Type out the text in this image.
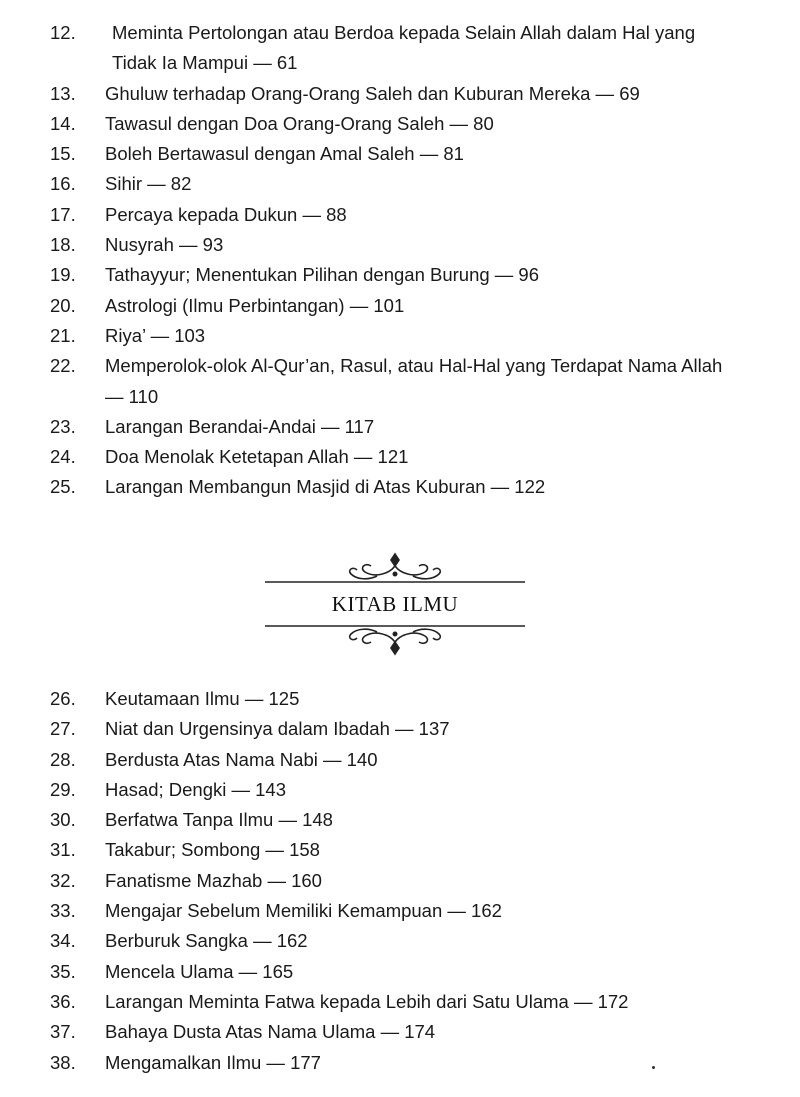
12.	Meminta Pertolongan atau Berdoa kepada Selain Allah dalam Hal yang Tidak Ia Mampui — 61
13.	Ghuluw terhadap Orang-Orang Saleh dan Kuburan Mereka — 69
14.	Tawasul dengan Doa Orang-Orang Saleh — 80
15.	Boleh Bertawasul dengan Amal Saleh — 81
16.	Sihir — 82
17.	Percaya kepada Dukun — 88
18.	Nusyrah — 93
19.	Tathayyur; Menentukan Pilihan dengan Burung — 96
20.	Astrologi (Ilmu Perbintangan) — 101
21.	Riya’ — 103
22.	Memperolok-olok Al-Qur’an, Rasul, atau Hal-Hal yang Terdapat Nama Allah — 110
23.	Larangan Berandai-Andai — 117
24.	Doa Menolak Ketetapan Allah — 121
25.	Larangan Membangun Masjid di Atas Kuburan — 122
KITAB ILMU
26.	Keutamaan Ilmu — 125
27.	Niat dan Urgensinya dalam Ibadah — 137
28.	Berdusta Atas Nama Nabi — 140
29.	Hasad; Dengki — 143
30.	Berfatwa Tanpa Ilmu — 148
31.	Takabur; Sombong — 158
32.	Fanatisme Mazhab — 160
33.	Mengajar Sebelum Memiliki Kemampuan — 162
34.	Berburuk Sangka — 162
35.	Mencela Ulama — 165
36.	Larangan Meminta Fatwa kepada Lebih dari Satu Ulama — 172
37.	Bahaya Dusta Atas Nama Ulama — 174
38.	Mengamalkan Ilmu — 177
